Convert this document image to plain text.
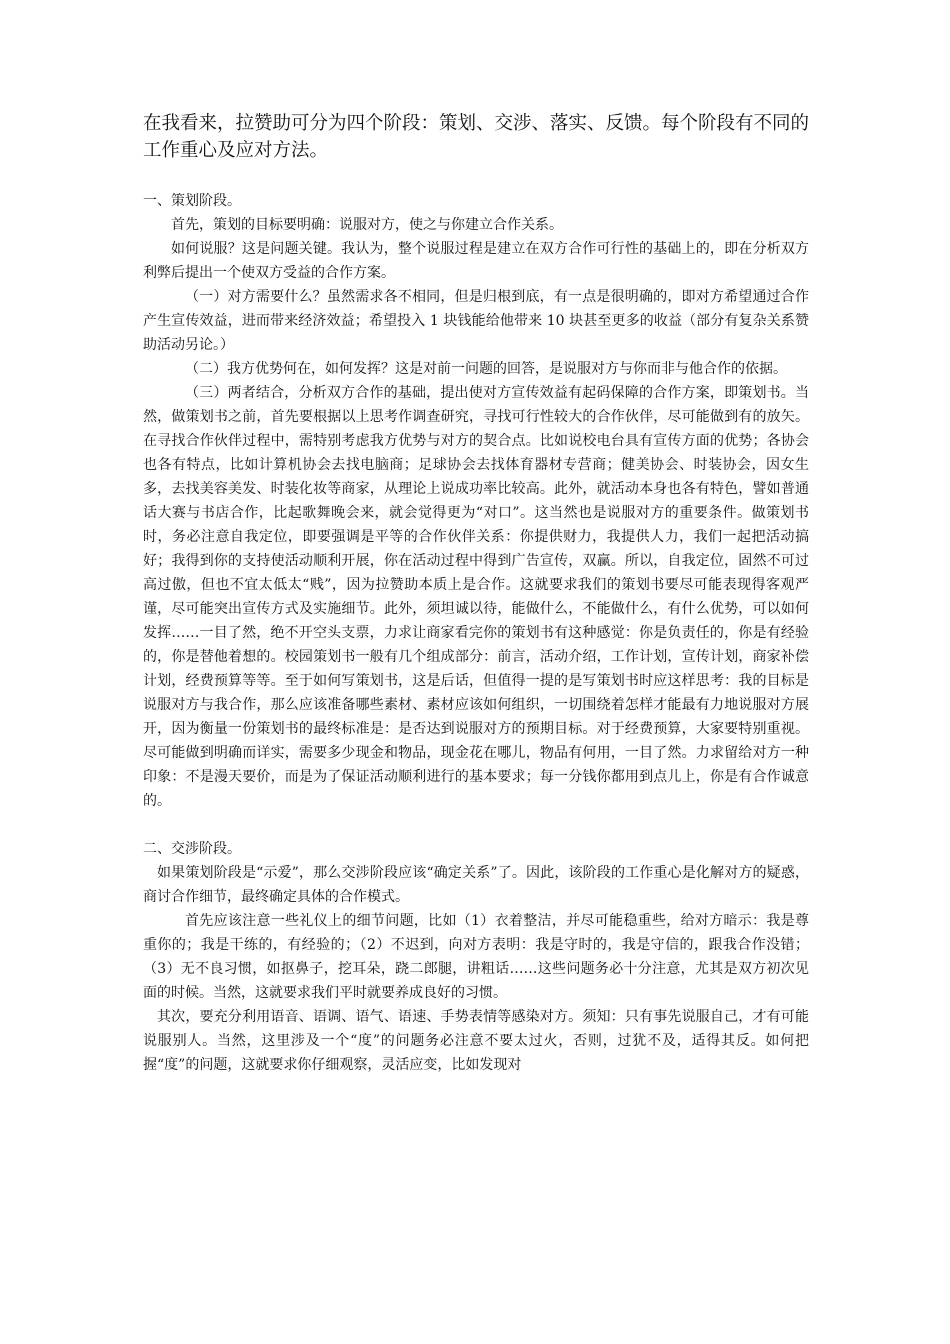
在我看来，拉赞助可分为四个阶段：策划、交涉、落实、反馈。每个阶段有不同的工作重心及应对方法。

一、策划阶段。

首先，策划的目标要明确：说服对方，使之与你建立合作关系。

如何说服？这是问题关键。我认为，整个说服过程是建立在双方合作可行性的基础上的，即在分析双方利弊后提出一个使双方受益的合作方案。

（一）对方需要什么？虽然需求各不相同，但是归根到底，有一点是很明确的，即对方希望通过合作产生宣传效益，进而带来经济效益；希望投入 1 块钱能给他带来 10 块甚至更多的收益（部分有复杂关系赞助活动另论。）

（二）我方优势何在，如何发挥？这是对前一问题的回答，是说服对方与你而非与他合作的依据。

（三）两者结合，分析双方合作的基础，提出使对方宣传效益有起码保障的合作方案，即策划书。当然，做策划书之前，首先要根据以上思考作调查研究，寻找可行性较大的合作伙伴，尽可能做到有的放矢。在寻找合作伙伴过程中，需特别考虑我方优势与对方的契合点。比如说校电台具有宣传方面的优势；各协会也各有特点，比如计算机协会去找电脑商；足球协会去找体育器材专营商；健美协会、时装协会，因女生多，去找美容美发、时装化妆等商家，从理论上说成功率比较高。此外，就活动本身也各有特色，譬如普通话大赛与书店合作，比起歌舞晚会来，就会觉得更为“对口”。这当然也是说服对方的重要条件。做策划书时，务必注意自我定位，即要强调是平等的合作伙伴关系：你提供财力，我提供人力，我们一起把活动搞好；我得到你的支持使活动顺利开展，你在活动过程中得到广告宣传，双赢。所以，自我定位，固然不可过高过傲，但也不宜太低太“贱”，因为拉赞助本质上是合作。这就要求我们的策划书要尽可能表现得客观严谨，尽可能突出宣传方式及实施细节。此外，须坦诚以待，能做什么，不能做什么，有什么优势，可以如何发挥……一目了然，绝不开空头支票，力求让商家看完你的策划书有这种感觉：你是负责任的，你是有经验的，你是替他着想的。校园策划书一般有几个组成部分：前言，活动介绍，工作计划，宣传计划，商家补偿计划，经费预算等等。至于如何写策划书，这是后话，但值得一提的是写策划书时应这样思考：我的目标是说服对方与我合作，那么应该准备哪些素材、素材应该如何组织，一切围绕着怎样才能最有力地说服对方展开，因为衡量一份策划书的最终标准是：是否达到说服对方的预期目标。对于经费预算，大家要特别重视。尽可能做到明确而详实，需要多少现金和物品，现金花在哪儿，物品有何用，一目了然。力求留给对方一种印象：不是漫天要价，而是为了保证活动顺利进行的基本要求；每一分钱你都用到点儿上，你是有合作诚意的。

二、交涉阶段。

如果策划阶段是“示爱”，那么交涉阶段应该“确定关系”了。因此，该阶段的工作重心是化解对方的疑惑，商讨合作细节，最终确定具体的合作模式。

首先应该注意一些礼仪上的细节问题，比如（1）衣着整洁，并尽可能稳重些，给对方暗示：我是尊重你的；我是干练的，有经验的；（2）不迟到，向对方表明：我是守时的，我是守信的，跟我合作没错；（3）无不良习惯，如抠鼻子，挖耳朵，跷二郎腿，讲粗话……这些问题务必十分注意，尤其是双方初次见面的时候。当然，这就要求我们平时就要养成良好的习惯。

其次，要充分利用语音、语调、语气、语速、手势表情等感染对方。须知：只有事先说服自己，才有可能说服别人。当然，这里涉及一个“度”的问题务必注意不要太过火，否则，过犹不及，适得其反。如何把握“度”的问题，这就要求你仔细观察，灵活应变，比如发现对
